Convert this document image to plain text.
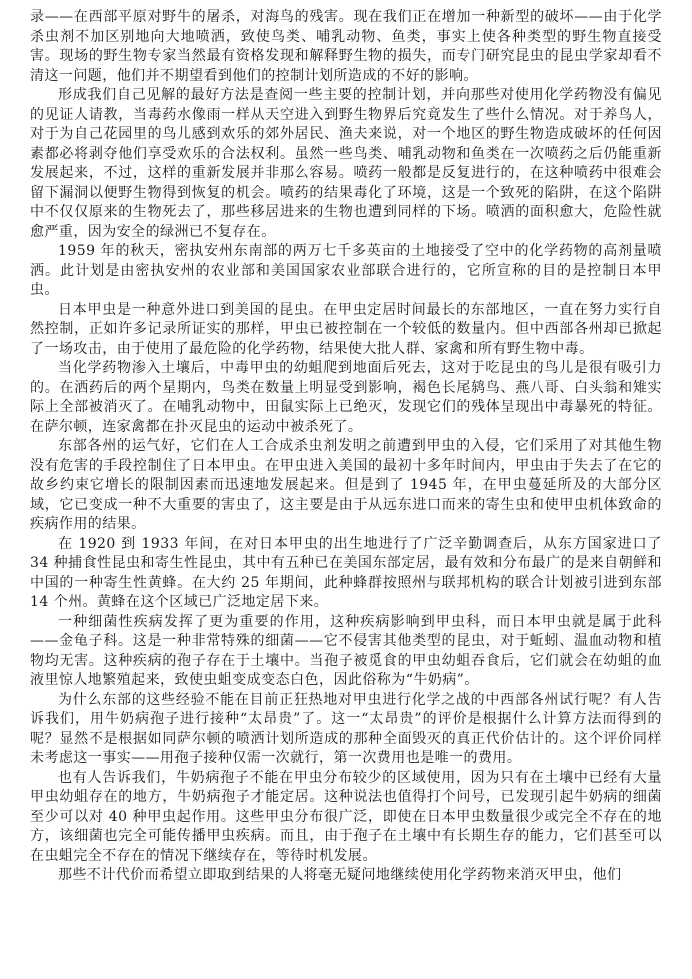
录——在西部平原对野牛的屠杀，对海鸟的残害。现在我们正在增加一种新型的破坏——由于化学杀虫剂不加区别地向大地喷洒，致使鸟类、哺乳动物、鱼类，事实上使各种类型的野生物直接受害。现场的野生物专家当然最有资格发现和解释野生物的损失，而专门研究昆虫的昆虫学家却看不清这一问题，他们并不期望看到他们的控制计划所造成的不好的影响。

形成我们自己见解的最好方法是查阅一些主要的控制计划，并向那些对使用化学药物没有偏见的见证人请教，当毒药水像雨一样从天空进入到野生物界后究竟发生了些什么情况。对于养鸟人，对于为自己花园里的鸟儿感到欢乐的郊外居民、渔夫来说，对一个地区的野生物造成破坏的任何因素都必将剥夺他们享受欢乐的合法权利。虽然一些鸟类、哺乳动物和鱼类在一次喷药之后仍能重新发展起来，不过，这样的重新发展并非那么容易。喷药一般都是反复进行的，在这种喷药中很难会留下漏洞以便野生物得到恢复的机会。喷药的结果毒化了环境，这是一个致死的陷阱，在这个陷阱中不仅仅原来的生物死去了，那些移居进来的生物也遭到同样的下场。喷洒的面积愈大，危险性就愈严重，因为安全的绿洲已不复存在。

1959 年的秋天，密执安州东南部的两万七千多英亩的土地接受了空中的化学药物的高剂量喷洒。此计划是由密执安州的农业部和美国国家农业部联合进行的，它所宣称的目的是控制日本甲虫。

日本甲虫是一种意外进口到美国的昆虫。在甲虫定居时间最长的东部地区，一直在努力实行自然控制，正如许多记录所证实的那样，甲虫已被控制在一个较低的数量内。但中西部各州却已掀起了一场攻击，由于使用了最危险的化学药物，结果使大批人群、家禽和所有野生物中毒。

当化学药物渗入土壤后，中毒甲虫的幼蛆爬到地面后死去，这对于吃昆虫的鸟儿是很有吸引力的。在洒药后的两个星期内，鸟类在数量上明显受到影响，褐色长尾鸫鸟、燕八哥、白头翁和雉实际上全部被消灭了。在哺乳动物中，田鼠实际上已绝灭，发现它们的残体呈现出中毒暴死的特征。在萨尔顿，连家禽都在扑灭昆虫的运动中被杀死了。

东部各州的运气好，它们在人工合成杀虫剂发明之前遭到甲虫的入侵，它们采用了对其他生物没有危害的手段控制住了日本甲虫。在甲虫进入美国的最初十多年时间内，甲虫由于失去了在它的故乡约束它增长的限制因素而迅速地发展起来。但是到了 1945 年，在甲虫蔓延所及的大部分区域，它已变成一种不大重要的害虫了，这主要是由于从远东进口而来的寄生虫和使甲虫机体致命的疾病作用的结果。

在 1920 到 1933 年间，在对日本甲虫的出生地进行了广泛辛勤调查后，从东方国家进口了 34 种捕食性昆虫和寄生性昆虫，其中有五种已在美国东部定居，最有效和分布最广的是来自朝鲜和中国的一种寄生性黄蜂。在大约 25 年期间，此种蜂群按照州与联邦机构的联合计划被引进到东部 14 个州。黄蜂在这个区域已广泛地定居下来。

一种细菌性疾病发挥了更为重要的作用，这种疾病影响到甲虫科，而日本甲虫就是属于此科——金龟子科。这是一种非常特殊的细菌——它不侵害其他类型的昆虫，对于蚯蚓、温血动物和植物均无害。这种疾病的孢子存在于土壤中。当孢子被觅食的甲虫幼蛆吞食后，它们就会在幼蛆的血液里惊人地繁殖起来，致使虫蛆变成变态白色，因此俗称为“牛奶病”。

为什么东部的这些经验不能在目前正狂热地对甲虫进行化学之战的中西部各州试行呢？有人告诉我们，用牛奶病孢子进行接种“太昂贵”了。这一“太昂贵”的评价是根据什么计算方法而得到的呢？显然不是根据如同萨尔顿的喷洒计划所造成的那种全面毁灭的真正代价估计的。这个评价同样未考虑这一事实——用孢子接种仅需一次就行，第一次费用也是唯一的费用。

也有人告诉我们，牛奶病孢子不能在甲虫分布较少的区域使用，因为只有在土壤中已经有大量甲虫幼蛆存在的地方，牛奶病孢子才能定居。这种说法也值得打个问号，已发现引起牛奶病的细菌至少可以对 40 种甲虫起作用。这些甲虫分布很广泛，即使在日本甲虫数量很少或完全不存在的地方，该细菌也完全可能传播甲虫疾病。而且，由于孢子在土壤中有长期生存的能力，它们甚至可以在虫蛆完全不存在的情况下继续存在，等待时机发展。

那些不计代价而希望立即取到结果的人将毫无疑问地继续使用化学药物来消灭甲虫，他们
